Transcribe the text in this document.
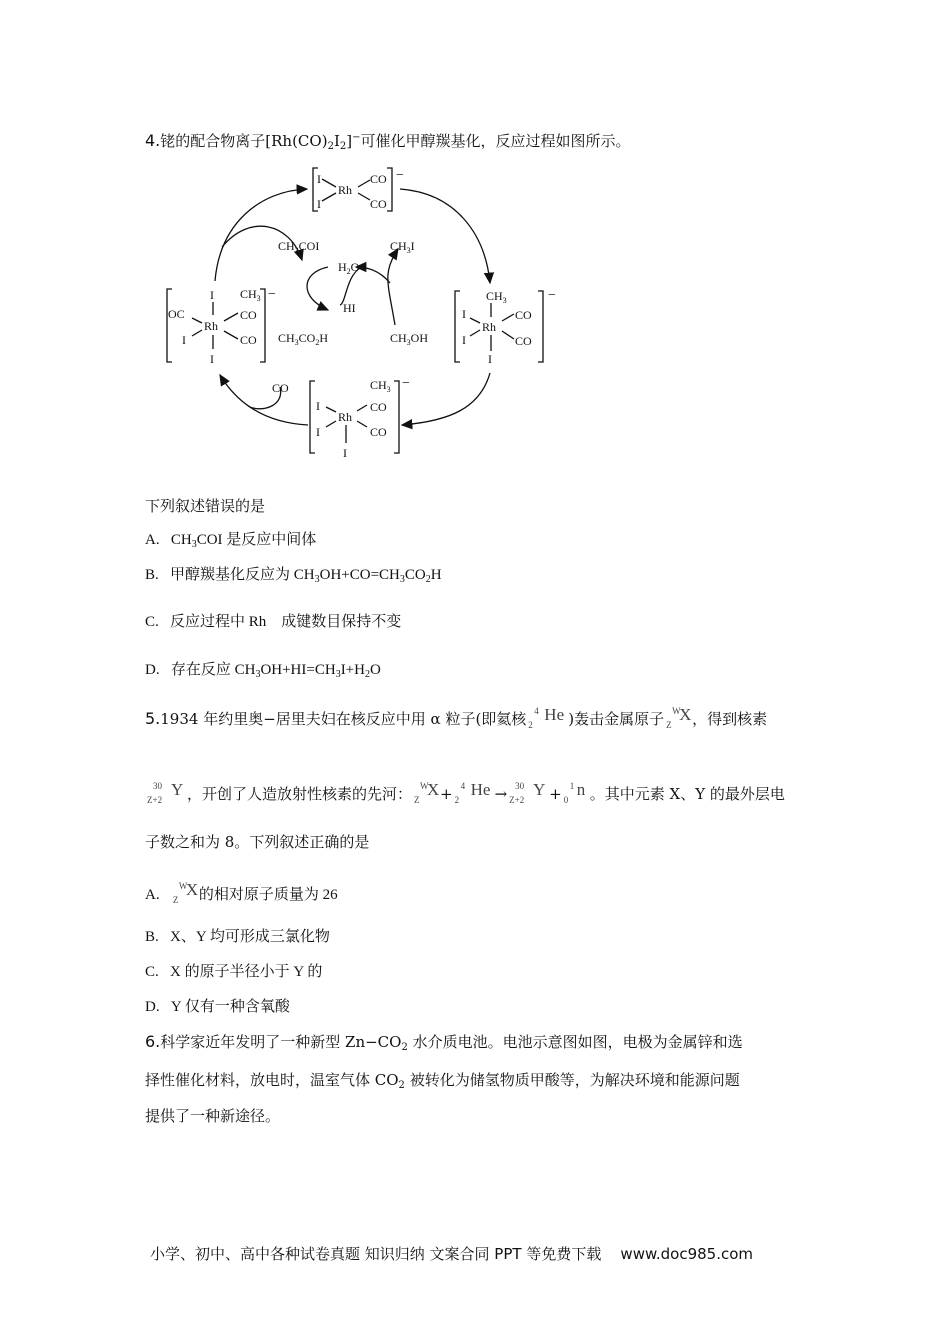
4.铑的配合物离子$[Rh(CO)_2I_2]^-$可催化甲醇羰基化，反应过程如图所示。
I
I
Rh
CO
CO
−
I
OC
I
Rh
I
$CH_3$
CO
CO
−	$CH_3$
I
I
Rh
CO
CO
I
−
$CH_3$
CO
CO
I
I
Rh
I
−
CO
$CH_3COI$
$H_2O$
HI
$CH_3CO_2H$
$CH_3I$
$CH_3OH$
下列叙述错误的是
A. $CH_3COI$ 是反应中间体
B. 甲醇羰基化反应为 $CH_3OH+CO=CH_3CO_2H$
C. 反应过程中 Rh    成键数目保持不变
D. 存在反应 $CH_3OH+HI=CH_3I+H_2O$
5.1934 年约里奥−居里夫妇在核反应中用 α 粒子(即氦核 4
2
He )轰击金属原子 W
Z
X ，得到核素
30
Z+2
Y ，开创了人造放射性核素的先河： W
Z
X + 4
2
He → 30
Z+2
Y + 1
0
n 。其中元素 X、Y 的最外层电
子数之和为 8。下列叙述正确的是
A.
W
Z
X 的相对原子质量为 26
B. X、Y 均可形成三氯化物
C. X 的原子半径小于 Y 的
D. Y 仅有一种含氧酸
6.科学家近年发明了一种新型 $Zn-CO_2$ 水介质电池。电池示意图如图，电极为金属锌和选
择性催化材料，放电时，温室气体 $CO_2$ 被转化为储氢物质甲酸等，为解决环境和能源问题
提供了一种新途径。
小学、初中、高中各种试卷真题 知识归纳 文案合同 PPT 等免费下载 www.doc985.com
